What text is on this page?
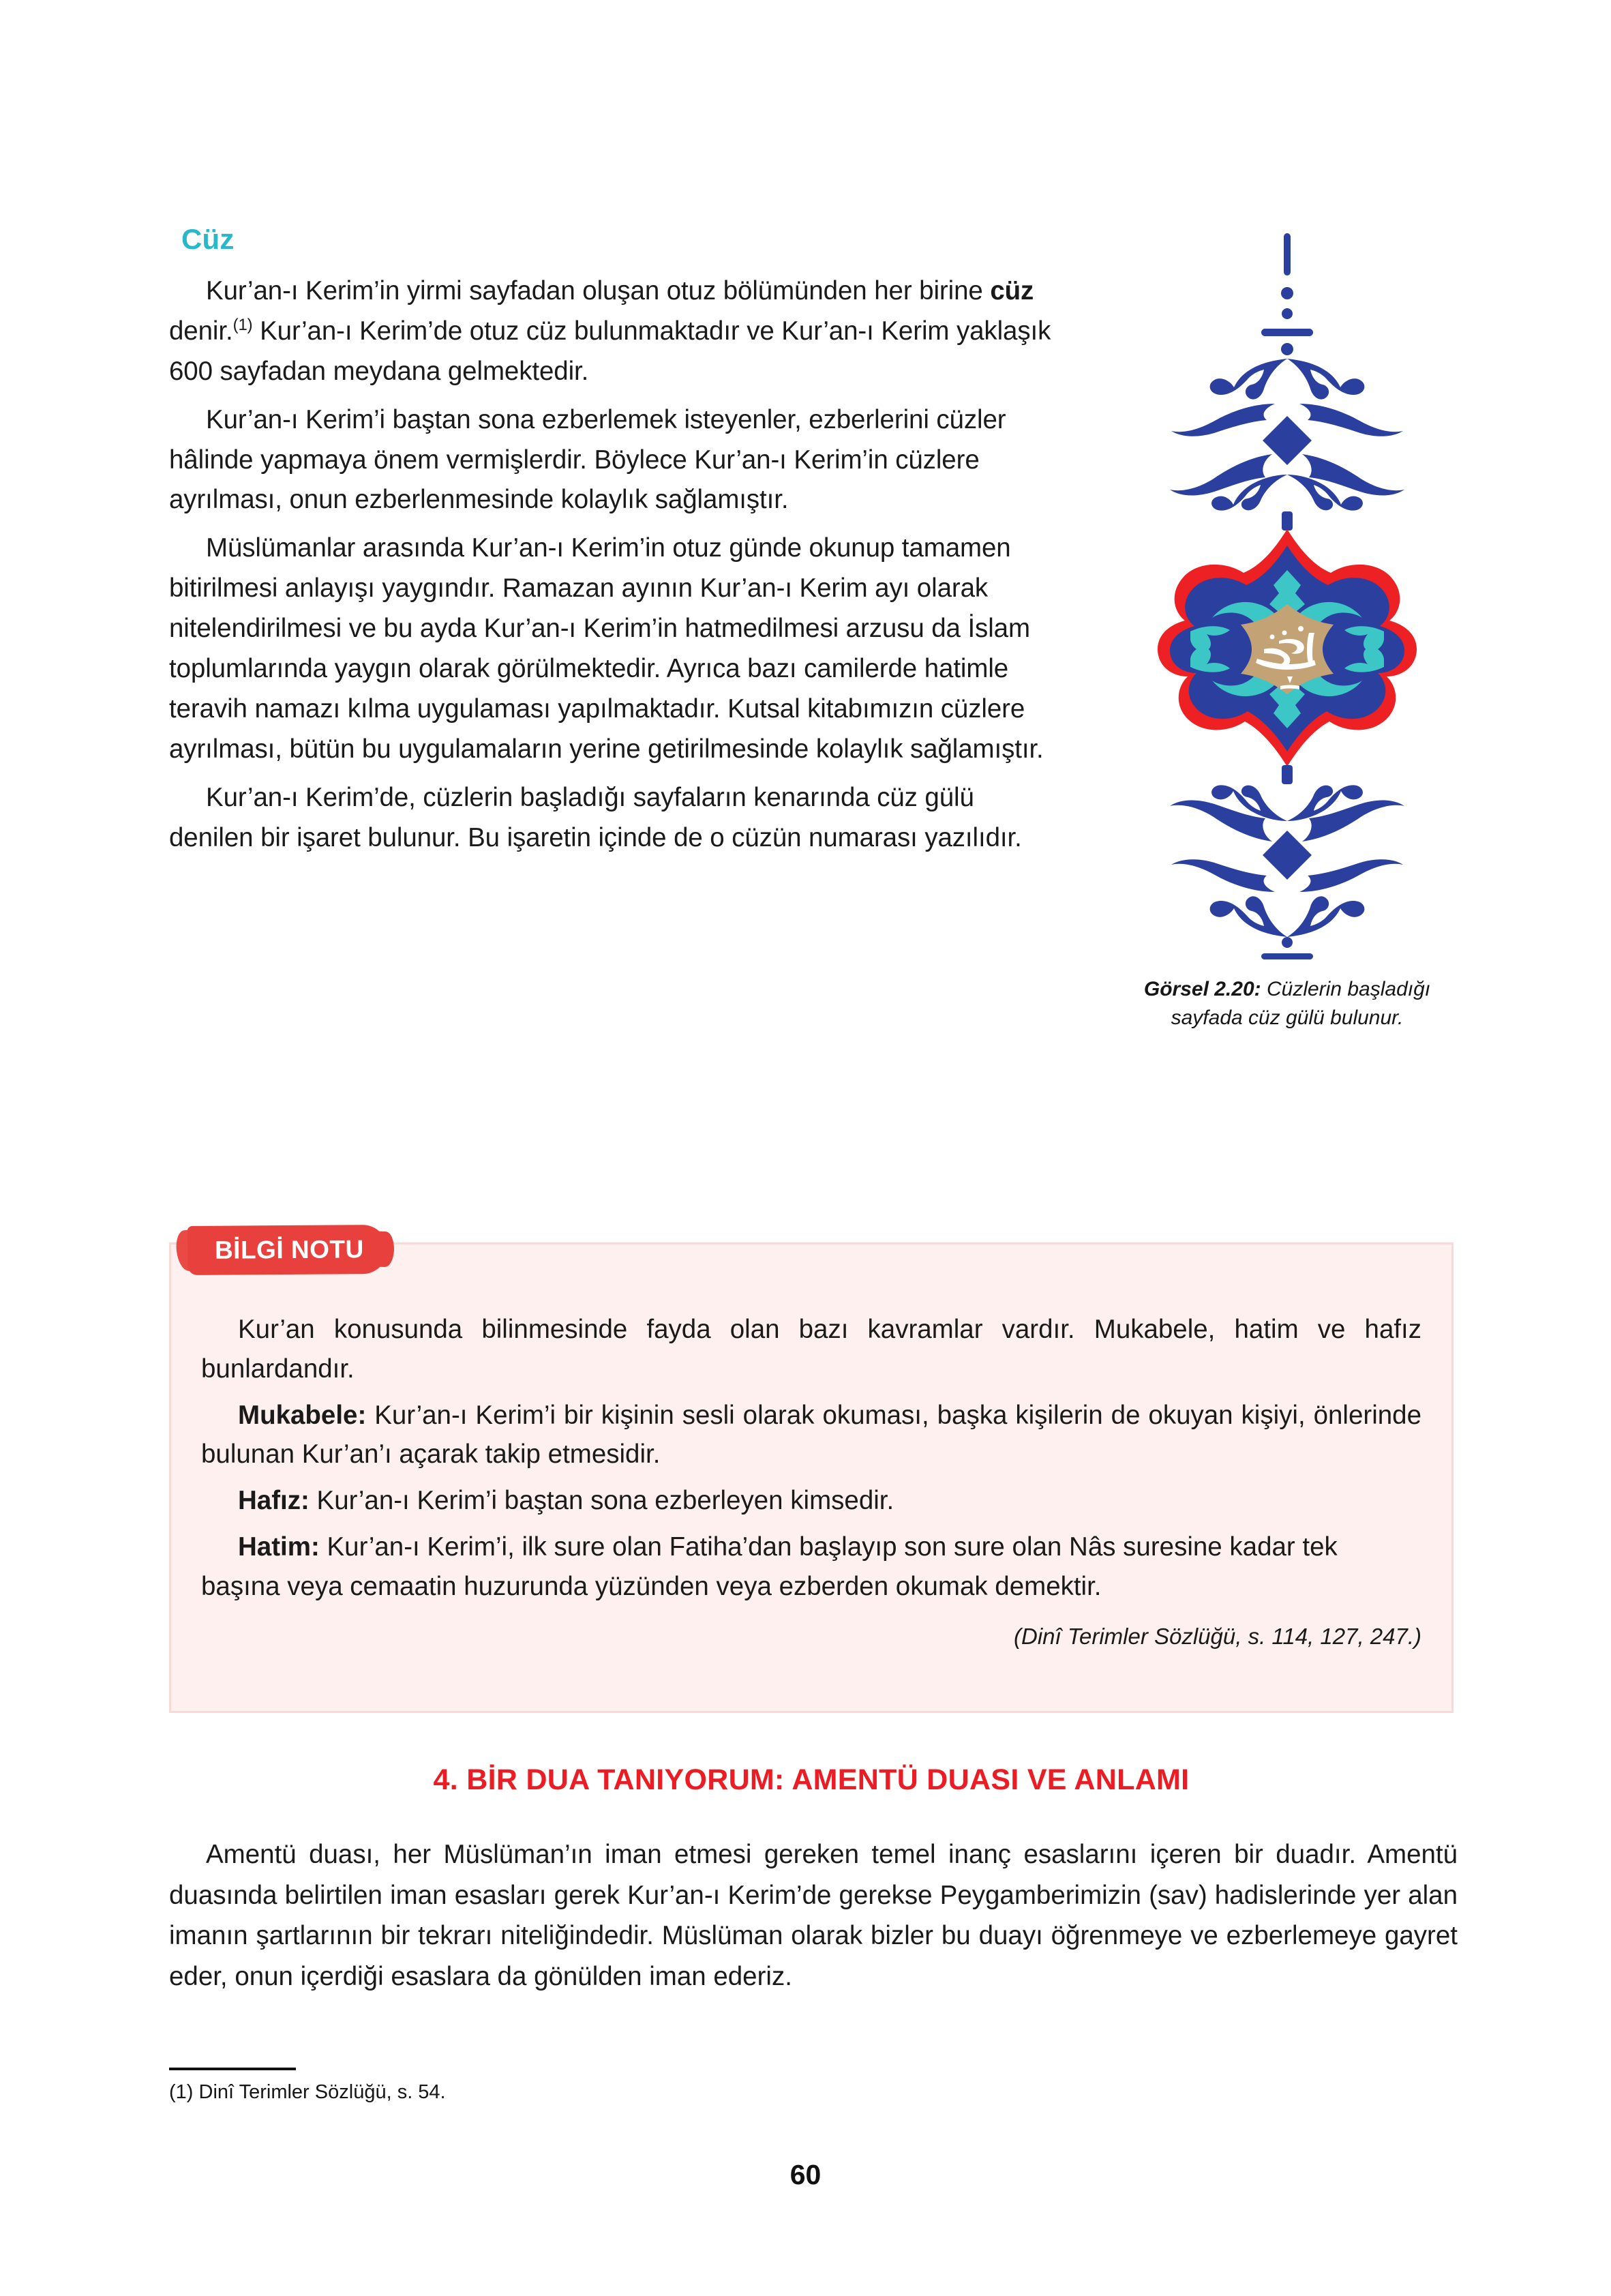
Cüz

Kur’an-ı Kerim’in yirmi sayfadan oluşan otuz bölümünden her birine cüz denir.$^{(1)}$ Kur’an-ı Kerim’de otuz cüz bulunmaktadır ve Kur’an-ı Kerim yaklaşık 600 sayfadan meydana gelmektedir.

Kur’an-ı Kerim’i baştan sona ezberlemek isteyenler, ezberlerini cüzler hâlinde yapmaya önem vermişlerdir. Böylece Kur’an-ı Kerim’in cüzlere ayrılması, onun ezberlenmesinde kolaylık sağlamıştır.

Müslümanlar arasında Kur’an-ı Kerim’in otuz günde okunup tamamen bitirilmesi anlayışı yaygındır. Ramazan ayının Kur’an-ı Kerim ayı olarak nitelendirilmesi ve bu ayda Kur’an-ı Kerim’in hatmedilmesi arzusu da İslam toplumlarında yaygın olarak görülmektedir. Ayrıca bazı camilerde hatimle teravih namazı kılma uygulaması yapılmaktadır. Kutsal kitabımızın cüzlere ayrılması, bütün bu uygulamaların yerine getirilmesinde kolaylık sağlamıştır.

Kur’an-ı Kerim’de, cüzlerin başladığı sayfaların kenarında cüz gülü denilen bir işaret bulunur. Bu işaretin içinde de o cüzün numarası yazılıdır.

Görsel 2.20: Cüzlerin başladığı sayfada cüz gülü bulunur.
BİLGİ NOTU

Kur’an konusunda bilinmesinde fayda olan bazı kavramlar vardır. Mukabele, hatim ve hafız bunlardandır.

Mukabele: Kur’an-ı Kerim’i bir kişinin sesli olarak okuması, başka kişilerin de okuyan kişiyi, önlerinde bulunan Kur’an’ı açarak takip etmesidir.

Hafız: Kur’an-ı Kerim’i baştan sona ezberleyen kimsedir.

Hatim: Kur’an-ı Kerim’i, ilk sure olan Fatiha’dan başlayıp son sure olan Nâs suresine kadar tek başına veya cemaatin huzurunda yüzünden veya ezberden okumak demektir.

(Dinî Terimler Sözlüğü, s. 114, 127, 247.)
4. BİR DUA TANIYORUM: AMENTÜ DUASI VE ANLAMI

Amentü duası, her Müslüman’ın iman etmesi gereken temel inanç esaslarını içeren bir duadır. Amentü duasında belirtilen iman esasları gerek Kur’an-ı Kerim’de gerekse Peygamberimizin (sav) hadislerinde yer alan imanın şartlarının bir tekrarı niteliğindedir. Müslüman olarak bizler bu duayı öğrenmeye ve ezberlemeye gayret eder, onun içerdiği esaslara da gönülden iman ederiz.

(1) Dinî Terimler Sözlüğü, s. 54.
60
